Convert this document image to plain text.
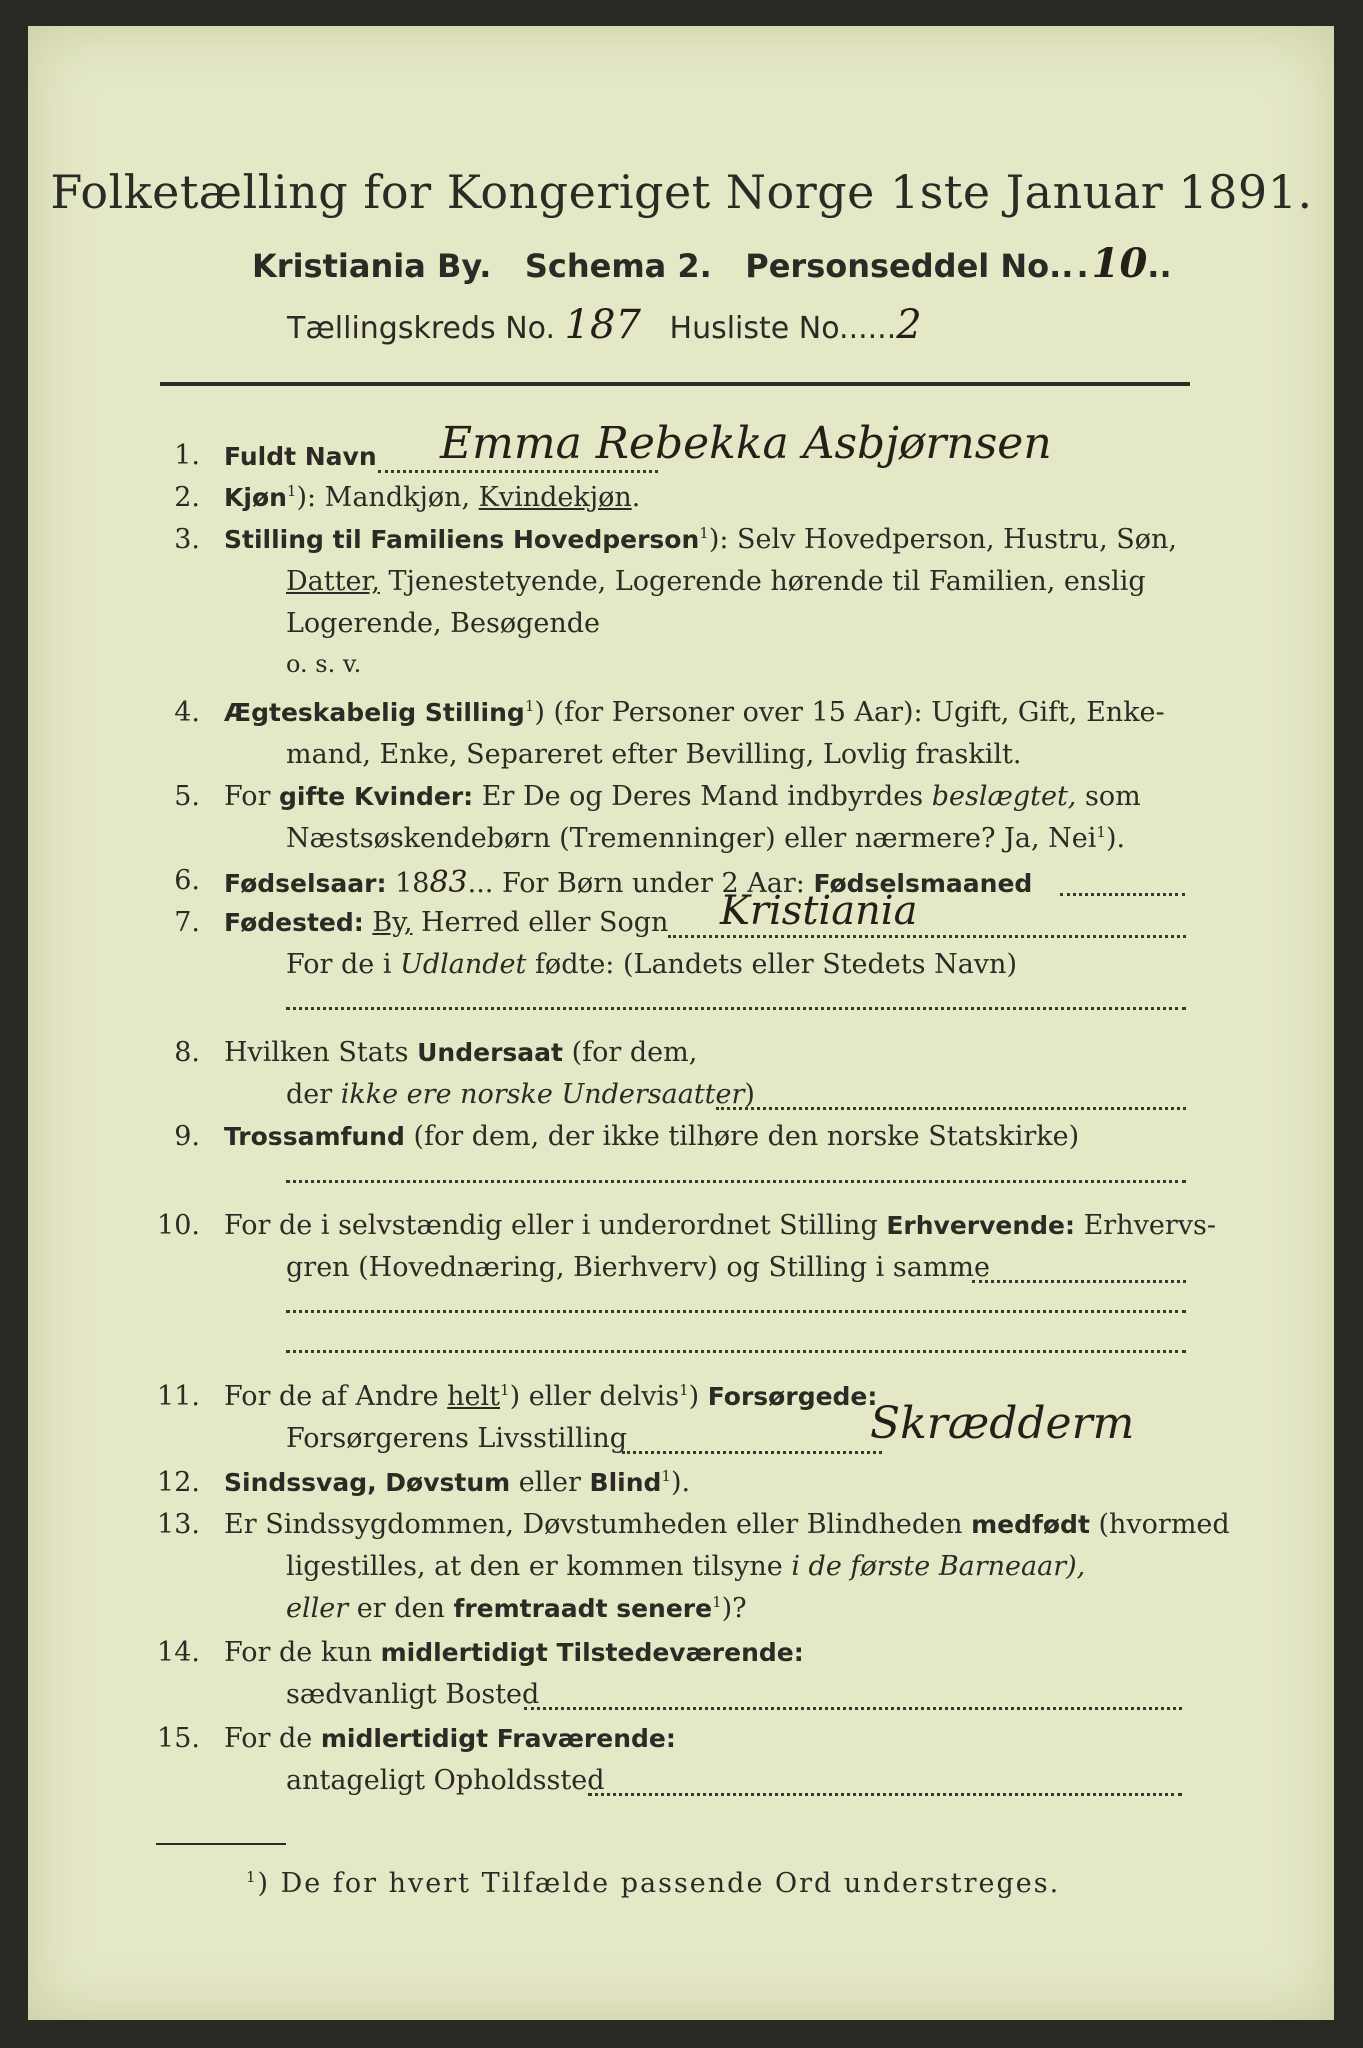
Folketælling for Kongeriget Norge 1ste Januar 1891.
Kristiania By. Schema 2. Personseddel No...10..
Tællingskreds No. 187 Husliste No......2
1. Fuldt Navn Emma Rebekka Asbjørnsen
2. Kjøn$^1$): Mandkjøn, Kvindekjøn.
3. Stilling til Familiens Hovedperson$^1$): Selv Hovedperson, Hustru, Søn,
Datter, Tjenestetyende, Logerende hørende til Familien, enslig
Logerende, Besøgende
o. s. v.
4. Ægteskabelig Stilling$^1$) (for Personer over 15 Aar): Ugift, Gift, Enke-
mand, Enke, Separeret efter Bevilling, Lovlig fraskilt.
5. For gifte Kvinder: Er De og Deres Mand indbyrdes beslægtet, som
Næstsøskendebørn (Tremenninger) eller nærmere? Ja, Nei$^1$).
6. Fødselsaar: 1883... For Børn under 2 Aar: Fødselsmaaned
7. Fødested: By, Herred eller Sogn Kristiania
For de i Udlandet fødte: (Landets eller Stedets Navn)
8. Hvilken Stats Undersaat (for dem,
der ikke ere norske Undersaatter)
9. Trossamfund (for dem, der ikke tilhøre den norske Statskirke)
10. For de i selvstændig eller i underordnet Stilling Erhvervende: Erhvervs-
gren (Hovednæring, Bierhverv) og Stilling i samme
11. For de af Andre helt$^1$) eller delvis$^1$) Forsørgede:
Forsørgerens Livsstilling	Skrædderm
12. Sindssvag, Døvstum eller Blind$^1$).
13. Er Sindssygdommen, Døvstumheden eller Blindheden medfødt (hvormed
ligestilles, at den er kommen tilsyne i de første Barneaar),
eller er den fremtraadt senere$^1$)?
14. For de kun midlertidigt Tilstedeværende:
sædvanligt Bosted
15. For de midlertidigt Fraværende:
antageligt Opholdssted
$^1$) De for hvert Tilfælde passende Ord understreges.
